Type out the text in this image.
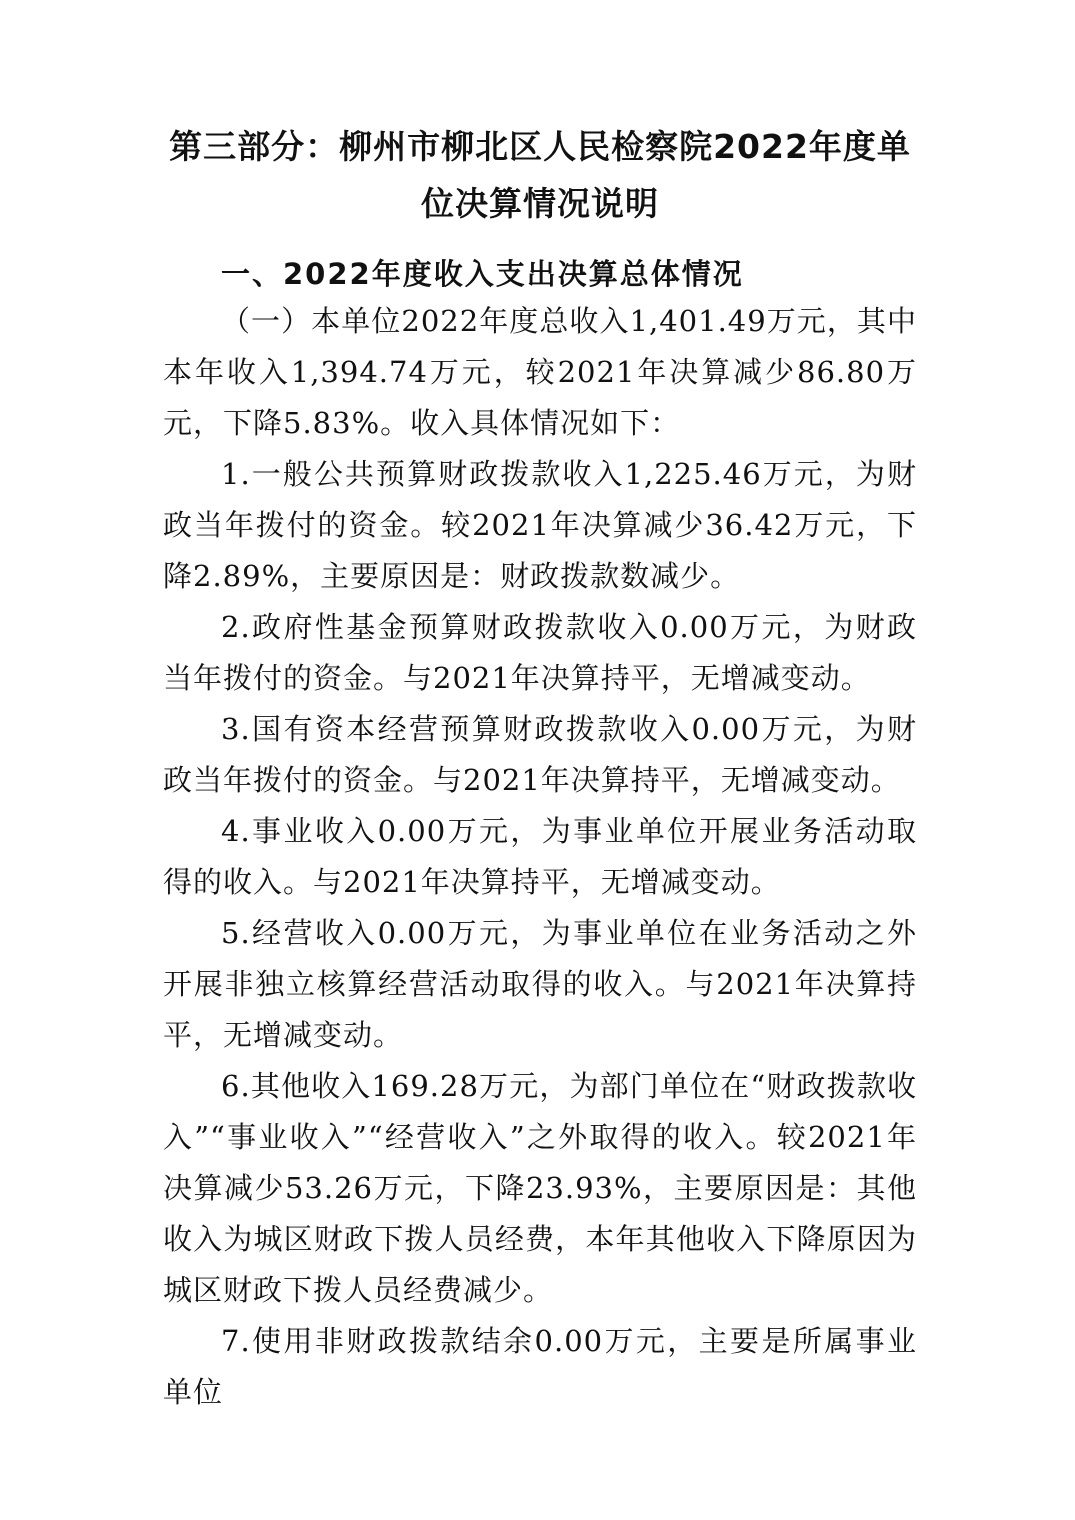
第三部分：柳州市柳北区人民检察院2022年度单位决算情况说明
一、2022年度收入支出决算总体情况

（一）本单位2022年度总收入1,401.49万元，其中本年收入1,394.74万元，较2021年决算减少86.80万元，下降5.83%。收入具体情况如下：

1.一般公共预算财政拨款收入1,225.46万元，为财政当年拨付的资金。较2021年决算减少36.42万元，下降2.89%，主要原因是：财政拨款数减少。

2.政府性基金预算财政拨款收入0.00万元，为财政当年拨付的资金。与2021年决算持平，无增减变动。

3.国有资本经营预算财政拨款收入0.00万元，为财政当年拨付的资金。与2021年决算持平，无增减变动。

4.事业收入0.00万元，为事业单位开展业务活动取得的收入。与2021年决算持平，无增减变动。

5.经营收入0.00万元，为事业单位在业务活动之外开展非独立核算经营活动取得的收入。与2021年决算持平，无增减变动。

6.其他收入169.28万元，为部门单位在“财政拨款收入”“事业收入”“经营收入”之外取得的收入。较2021年决算减少53.26万元，下降23.93%，主要原因是：其他收入为城区财政下拨人员经费，本年其他收入下降原因为城区财政下拨人员经费减少。

7.使用非财政拨款结余0.00万元，主要是所属事业单位
